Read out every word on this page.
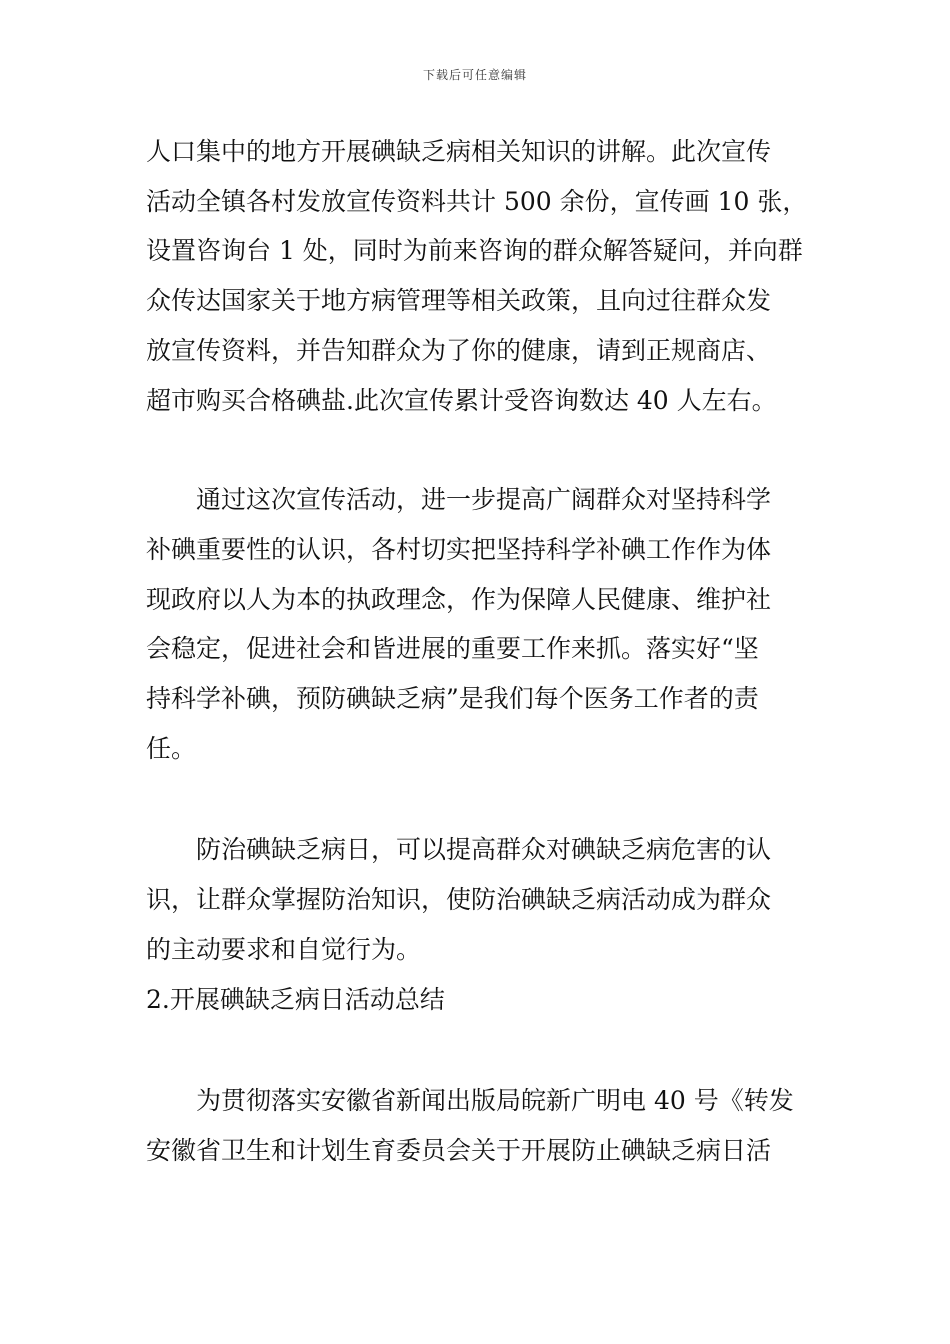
下载后可任意编辑

人口集中的地方开展碘缺乏病相关知识的讲解。此次宣传
活动全镇各村发放宣传资料共计 500 余份，宣传画 10 张，
设置咨询台 1 处，同时为前来咨询的群众解答疑问，并向群
众传达国家关于地方病管理等相关政策，且向过往群众发
放宣传资料，并告知群众为了你的健康，请到正规商店、
超市购买合格碘盐.此次宣传累计受咨询数达 40 人左右。

通过这次宣传活动，进一步提高广阔群众对坚持科学
补碘重要性的认识，各村切实把坚持科学补碘工作作为体
现政府以人为本的执政理念，作为保障人民健康、维护社
会稳定，促进社会和皆进展的重要工作来抓。落实好“坚
持科学补碘，预防碘缺乏病”是我们每个医务工作者的责
任。

防治碘缺乏病日，可以提高群众对碘缺乏病危害的认
识，让群众掌握防治知识，使防治碘缺乏病活动成为群众
的主动要求和自觉行为。

2.开展碘缺乏病日活动总结

为贯彻落实安徽省新闻出版局皖新广明电 40 号《转发
安徽省卫生和计划生育委员会关于开展防止碘缺乏病日活
